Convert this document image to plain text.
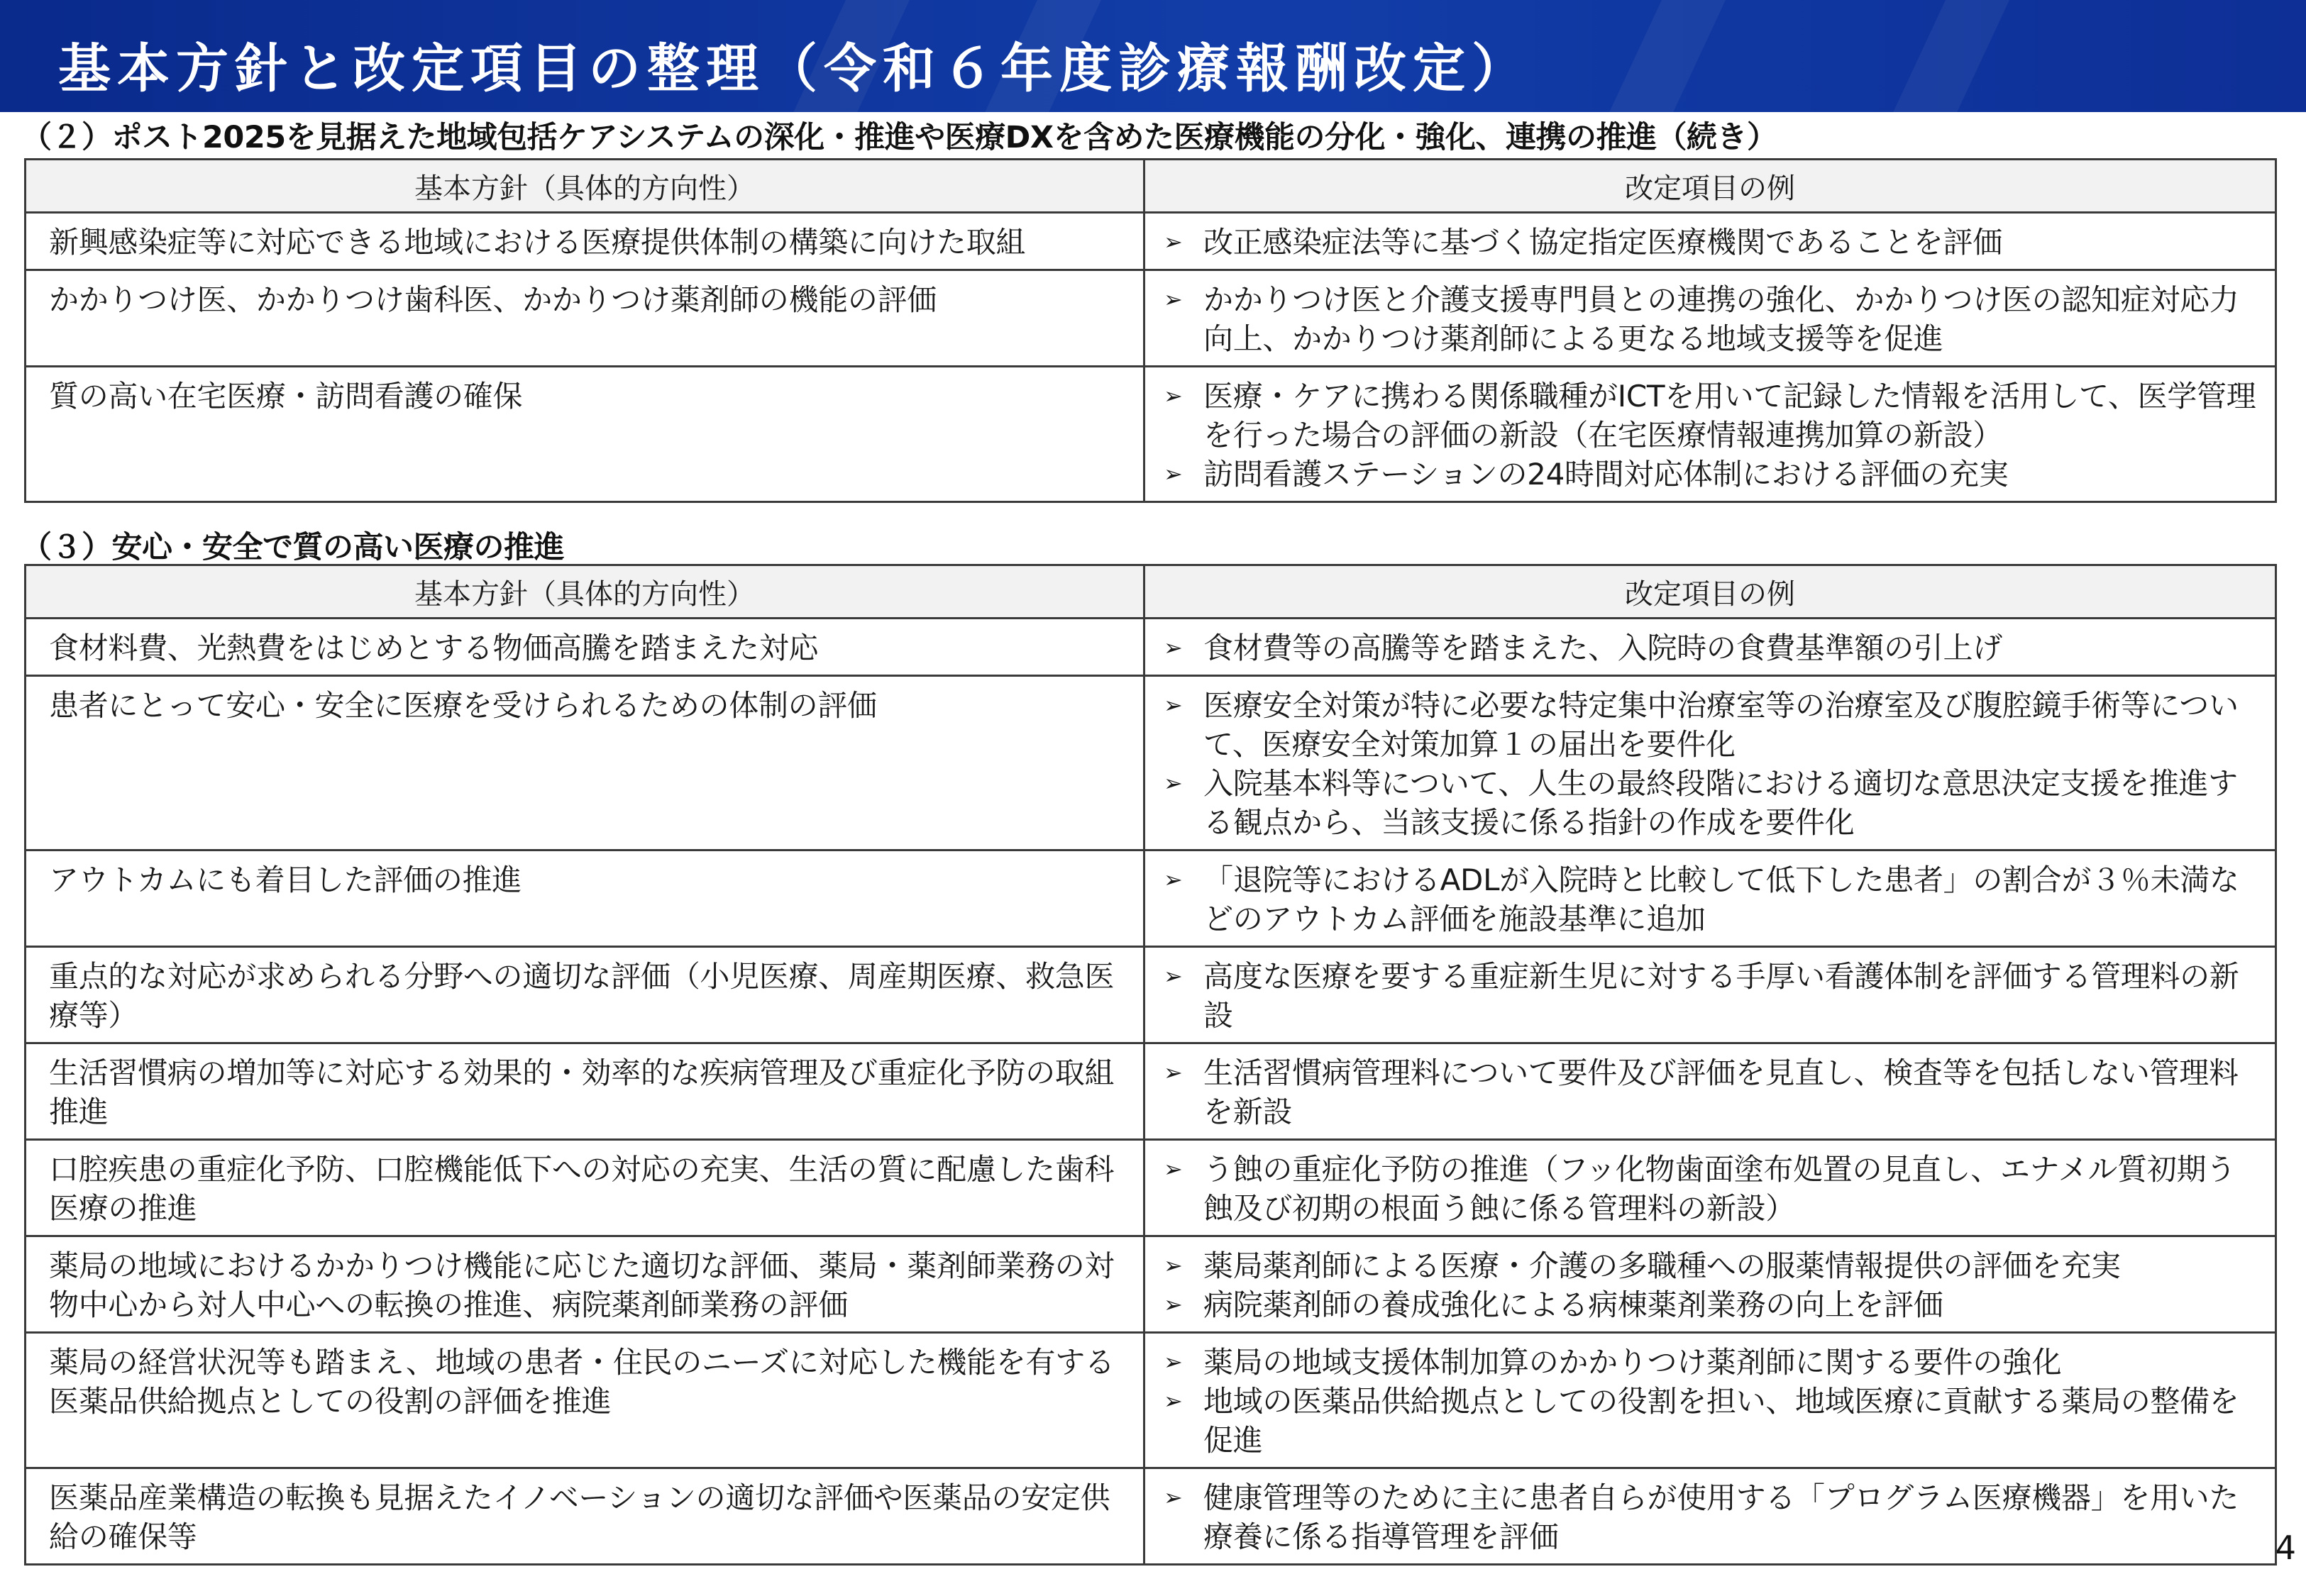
基本方針と改定項目の整理（令和６年度診療報酬改定）
（２）ポスト2025を見据えた地域包括ケアシステムの深化・推進や医療DXを含めた医療機能の分化・強化、連携の推進（続き）
基本方針（具体的方向性）	改定項目の例
新興感染症等に対応できる地域における医療提供体制の構築に向けた取組	➢ 改正感染症法等に基づく協定指定医療機関であることを評価

かかりつけ医、かかりつけ歯科医、かかりつけ薬剤師の機能の評価	➢ かかりつけ医と介護支援専門員との連携の強化、かかりつけ医の認知症対応力向上、かかりつけ薬剤師による更なる地域支援等を促進

質の高い在宅医療・訪問看護の確保	➢ 医療・ケアに携わる関係職種がICTを用いて記録した情報を活用して、医学管理を行った場合の評価の新設（在宅医療情報連携加算の新設）
➢ 訪問看護ステーションの24時間対応体制における評価の充実
（３）安心・安全で質の高い医療の推進
基本方針（具体的方向性）	改定項目の例
食材料費、光熱費をはじめとする物価高騰を踏まえた対応	➢ 食材費等の高騰等を踏まえた、入院時の食費基準額の引上げ

患者にとって安心・安全に医療を受けられるための体制の評価	➢ 医療安全対策が特に必要な特定集中治療室等の治療室及び腹腔鏡手術等について、医療安全対策加算１の届出を要件化
➢ 入院基本料等について、人生の最終段階における適切な意思決定支援を推進する観点から、当該支援に係る指針の作成を要件化

アウトカムにも着目した評価の推進	➢ 「退院等におけるADLが入院時と比較して低下した患者」の割合が３％未満などのアウトカム評価を施設基準に追加

重点的な対応が求められる分野への適切な評価（小児医療、周産期医療、救急医療等）	➢ 高度な医療を要する重症新生児に対する手厚い看護体制を評価する管理料の新設

生活習慣病の増加等に対応する効果的・効率的な疾病管理及び重症化予防の取組推進	➢ 生活習慣病管理料について要件及び評価を見直し、検査等を包括しない管理料を新設

口腔疾患の重症化予防、口腔機能低下への対応の充実、生活の質に配慮した歯科医療の推進	➢ う蝕の重症化予防の推進（フッ化物歯面塗布処置の見直し、エナメル質初期う蝕及び初期の根面う蝕に係る管理料の新設）

薬局の地域におけるかかりつけ機能に応じた適切な評価、薬局・薬剤師業務の対物中心から対人中心への転換の推進、病院薬剤師業務の評価	➢ 薬局薬剤師による医療・介護の多職種への服薬情報提供の評価を充実
➢ 病院薬剤師の養成強化による病棟薬剤業務の向上を評価

薬局の経営状況等も踏まえ、地域の患者・住民のニーズに対応した機能を有する医薬品供給拠点としての役割の評価を推進	➢ 薬局の地域支援体制加算のかかりつけ薬剤師に関する要件の強化
➢ 地域の医薬品供給拠点としての役割を担い、地域医療に貢献する薬局の整備を促進

医薬品産業構造の転換も見据えたイノベーションの適切な評価や医薬品の安定供給の確保等	➢ 健康管理等のために主に患者自らが使用する「プログラム医療機器」を用いた療養に係る指導管理を評価	4
